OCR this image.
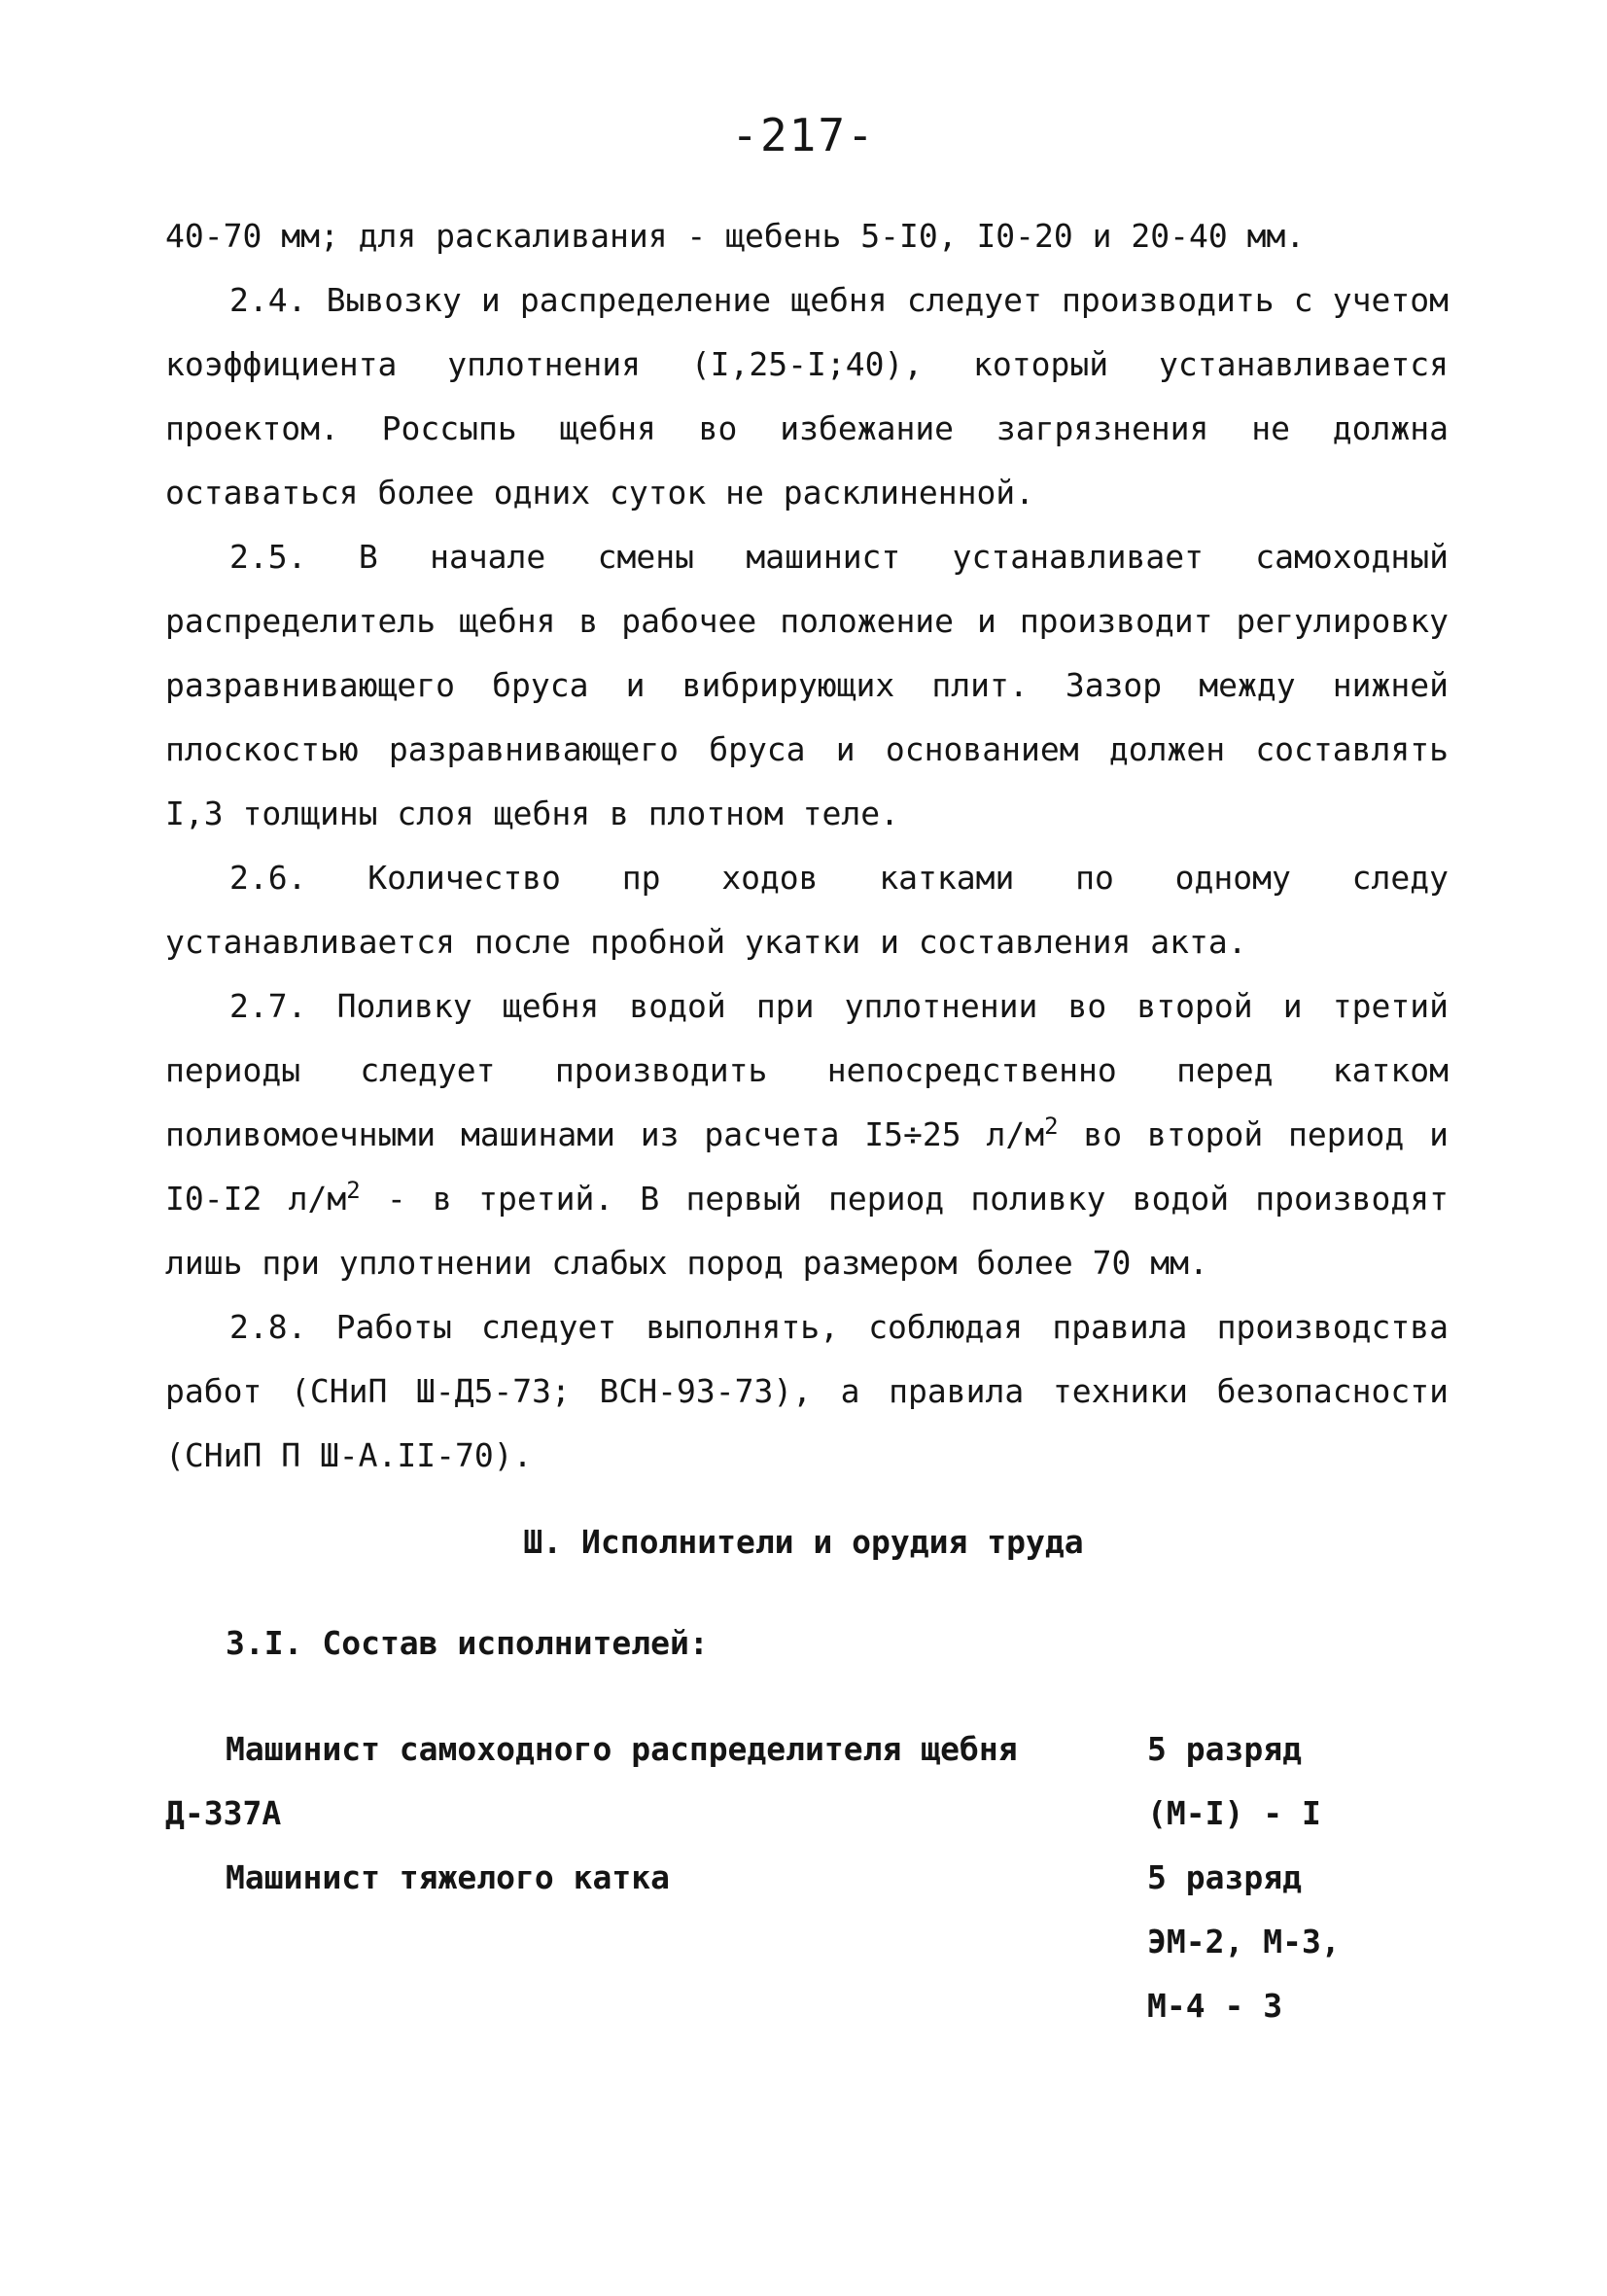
-217-

40-70 мм; для раскаливания - щебень 5-I0, I0-20 и 20-40 мм.

2.4. Вывозку и распределение щебня следует производить с учетом коэффициента уплотнения (I,25-I;40), который устанавливается проектом. Россыпь щебня во избежание загрязнения не должна оставаться более одних суток не расклиненной.

2.5. В начале смены машинист устанавливает самоходный распределитель щебня в рабочее положение и производит регулировку разравнивающего бруса и вибрирующих плит. Зазор между нижней плоскостью разравнивающего бруса и основанием должен составлять I,3 толщины слоя щебня в плотном теле.

2.6. Количество пр ходов катками по одному следу устанавливается после пробной укатки и составления акта.

2.7. Поливку щебня водой при уплотнении во второй и третий периоды следует производить непосредственно перед катком поливомоечными машинами из расчета I5÷25 $л/м^2$ во второй период и I0-I2 $л/м^2$ - в третий. В первый период поливку водой производят лишь при уплотнении слабых пород размером более 70 мм.

2.8. Работы следует выполнять, соблюдая правила производства работ (СНиП Ш-Д5-73; ВСН-93-73), а правила техники безопасности (СНиП П Ш-А.II-70).

Ш. Исполнители и орудия труда
3.I. Состав исполнителей:
Машинист самоходного распределителя щебня	5 разряд
Д-337А	(М-I) - I
Машинист тяжелого катка	5 разряд
ЭМ-2, М-3,
М-4 - 3
